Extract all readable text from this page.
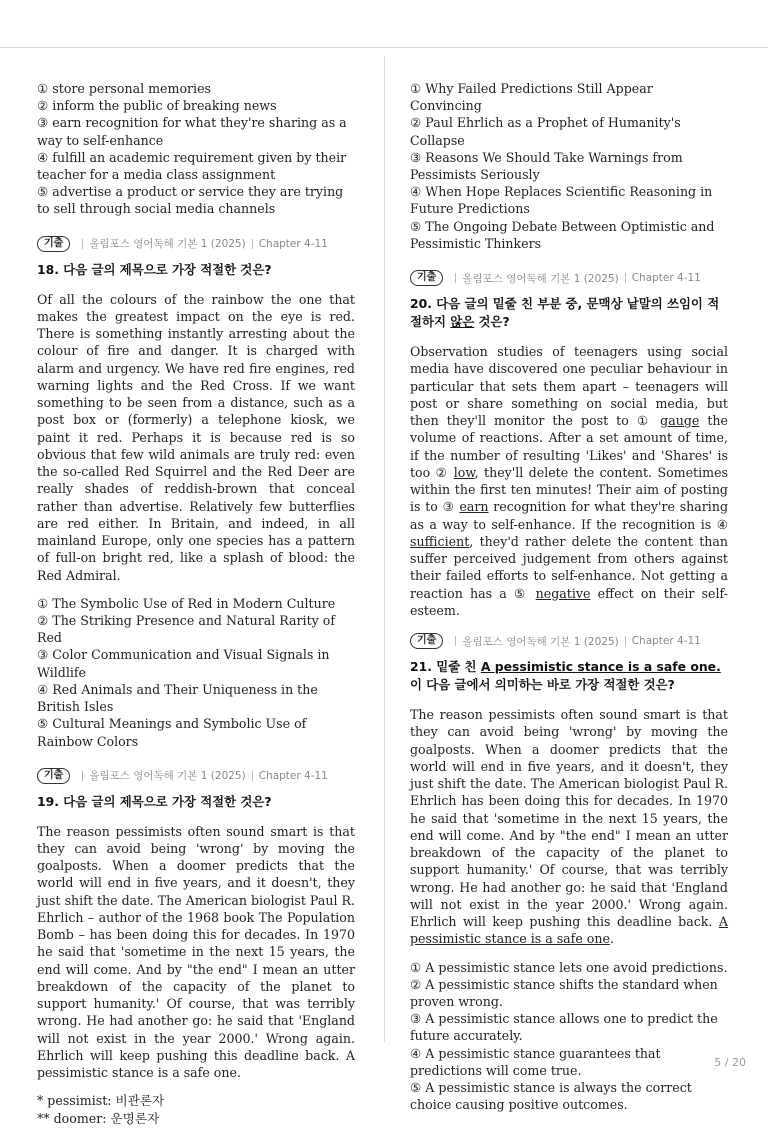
① store personal memories
② inform the public of breaking news
③ earn recognition for what they're sharing as a way to self-enhance
④ fulfill an academic requirement given by their teacher for a media class assignment
⑤ advertise a product or service they are trying to sell through social media channels
기출	올림포스 영어독해 기본 1 (2025) Chapter 4-11
18. 다음 글의 제목으로 가장 적절한 것은?
Of all the colours of the rainbow the one that makes the greatest impact on the eye is red. There is something instantly arresting about the colour of fire and danger. It is charged with alarm and urgency. We have red fire engines, red warning lights and the Red Cross. If we want something to be seen from a distance, such as a post box or (formerly) a telephone kiosk, we paint it red. Perhaps it is because red is so obvious that few wild animals are truly red: even the so-called Red Squirrel and the Red Deer are really shades of reddish-brown that conceal rather than advertise. Relatively few butterflies are red either. In Britain, and indeed, in all mainland Europe, only one species has a pattern of full-on bright red, like a splash of blood: the Red Admiral.
① The Symbolic Use of Red in Modern Culture
② The Striking Presence and Natural Rarity of Red
③ Color Communication and Visual Signals in Wildlife
④ Red Animals and Their Uniqueness in the British Isles
⑤ Cultural Meanings and Symbolic Use of Rainbow Colors
기출	올림포스 영어독해 기본 1 (2025) Chapter 4-11
19. 다음 글의 제목으로 가장 적절한 것은?
The reason pessimists often sound smart is that they can avoid being 'wrong' by moving the goalposts. When a doomer predicts that the world will end in five years, and it doesn't, they just shift the date. The American biologist Paul R. Ehrlich – author of the 1968 book The Population Bomb – has been doing this for decades. In 1970 he said that 'sometime in the next 15 years, the end will come. And by "the end" I mean an utter breakdown of the capacity of the planet to support humanity.' Of course, that was terribly wrong. He had another go: he said that 'England will not exist in the year 2000.' Wrong again. Ehrlich will keep pushing this deadline back. A pessimistic stance is a safe one.
* pessimist: 비관론자
** doomer: 운명론자
① Why Failed Predictions Still Appear Convincing
② Paul Ehrlich as a Prophet of Humanity's Collapse
③ Reasons We Should Take Warnings from Pessimists Seriously
④ When Hope Replaces Scientific Reasoning in Future Predictions
⑤ The Ongoing Debate Between Optimistic and Pessimistic Thinkers
기출	올림포스 영어독해 기본 1 (2025) Chapter 4-11
20. 다음 글의 밑줄 친 부분 중, 문맥상 낱말의 쓰임이 적절하지 않은 것은?
Observation studies of teenagers using social media have discovered one peculiar behaviour in particular that sets them apart – teenagers will post or share something on social media, but then they'll monitor the post to ① gauge the volume of reactions. After a set amount of time, if the number of resulting 'Likes' and 'Shares' is too ② low, they'll delete the content. Sometimes within the first ten minutes! Their aim of posting is to ③ earn recognition for what they're sharing as a way to self-enhance. If the recognition is ④ sufficient, they'd rather delete the content than suffer perceived judgement from others against their failed efforts to self-enhance. Not getting a reaction has a ⑤ negative effect on their self-esteem.
기출	올림포스 영어독해 기본 1 (2025) Chapter 4-11
21. 밑줄 친 A pessimistic stance is a safe one.이 다음 글에서 의미하는 바로 가장 적절한 것은?
The reason pessimists often sound smart is that they can avoid being 'wrong' by moving the goalposts. When a doomer predicts that the world will end in five years, and it doesn't, they just shift the date. The American biologist Paul R. Ehrlich has been doing this for decades. In 1970 he said that 'sometime in the next 15 years, the end will come. And by "the end" I mean an utter breakdown of the capacity of the planet to support humanity.' Of course, that was terribly wrong. He had another go: he said that 'England will not exist in the year 2000.' Wrong again. Ehrlich will keep pushing this deadline back. A pessimistic stance is a safe one.
① A pessimistic stance lets one avoid predictions.
② A pessimistic stance shifts the standard when proven wrong.
③ A pessimistic stance allows one to predict the future accurately.
④ A pessimistic stance guarantees that predictions will come true.
⑤ A pessimistic stance is always the correct choice causing positive outcomes.
5 / 20
